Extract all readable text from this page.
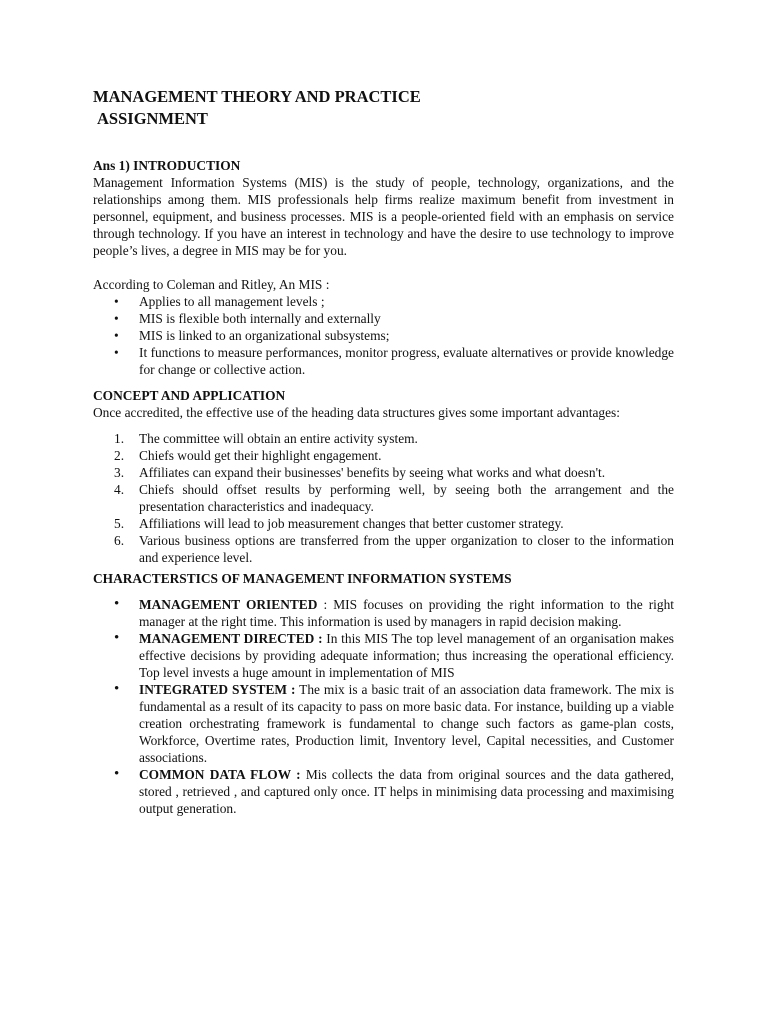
MANAGEMENT THEORY AND PRACTICE

ASSIGNMENT

Ans 1) INTRODUCTION

Management Information Systems (MIS) is the study of people, technology, organizations, and the relationships among them. MIS professionals help firms realize maximum benefit from investment in personnel, equipment, and business processes. MIS is a people-oriented field with an emphasis on service through technology. If you have an interest in technology and have the desire to use technology to improve people’s lives, a degree in MIS may be for you.

According to Coleman and Ritley, An MIS :

• Applies to all management levels ;
• MIS is flexible both internally and externally
• MIS is linked to an organizational subsystems;
• It functions to measure performances, monitor progress, evaluate alternatives or provide knowledge for change or collective action.

CONCEPT AND APPLICATION

Once accredited, the effective use of the heading data structures gives some important advantages:

1. The committee will obtain an entire activity system.
2. Chiefs would get their highlight engagement.
3. Affiliates can expand their businesses' benefits by seeing what works and what doesn't.
4. Chiefs should offset results by performing well, by seeing both the arrangement and the presentation characteristics and inadequacy.
5. Affiliations will lead to job measurement changes that better customer strategy.
6. Various business options are transferred from the upper organization to closer to the information and experience level.

CHARACTERSTICS OF MANAGEMENT INFORMATION SYSTEMS

• MANAGEMENT ORIENTED : MIS focuses on providing the right information to the right manager at the right time. This information is used by managers in rapid decision making.
• MANAGEMENT DIRECTED : In this MIS The top level management of an organisation makes effective decisions by providing adequate information; thus increasing the operational efficiency. Top level invests a huge amount in implementation of MIS
• INTEGRATED SYSTEM : The mix is a basic trait of an association data framework. The mix is fundamental as a result of its capacity to pass on more basic data. For instance, building up a viable creation orchestrating framework is fundamental to change such factors as game-plan costs, Workforce, Overtime rates, Production limit, Inventory level, Capital necessities, and Customer associations.
• COMMON DATA FLOW : Mis collects the data from original sources and the data gathered, stored , retrieved , and captured only once. IT helps in minimising data processing and maximising output generation.
